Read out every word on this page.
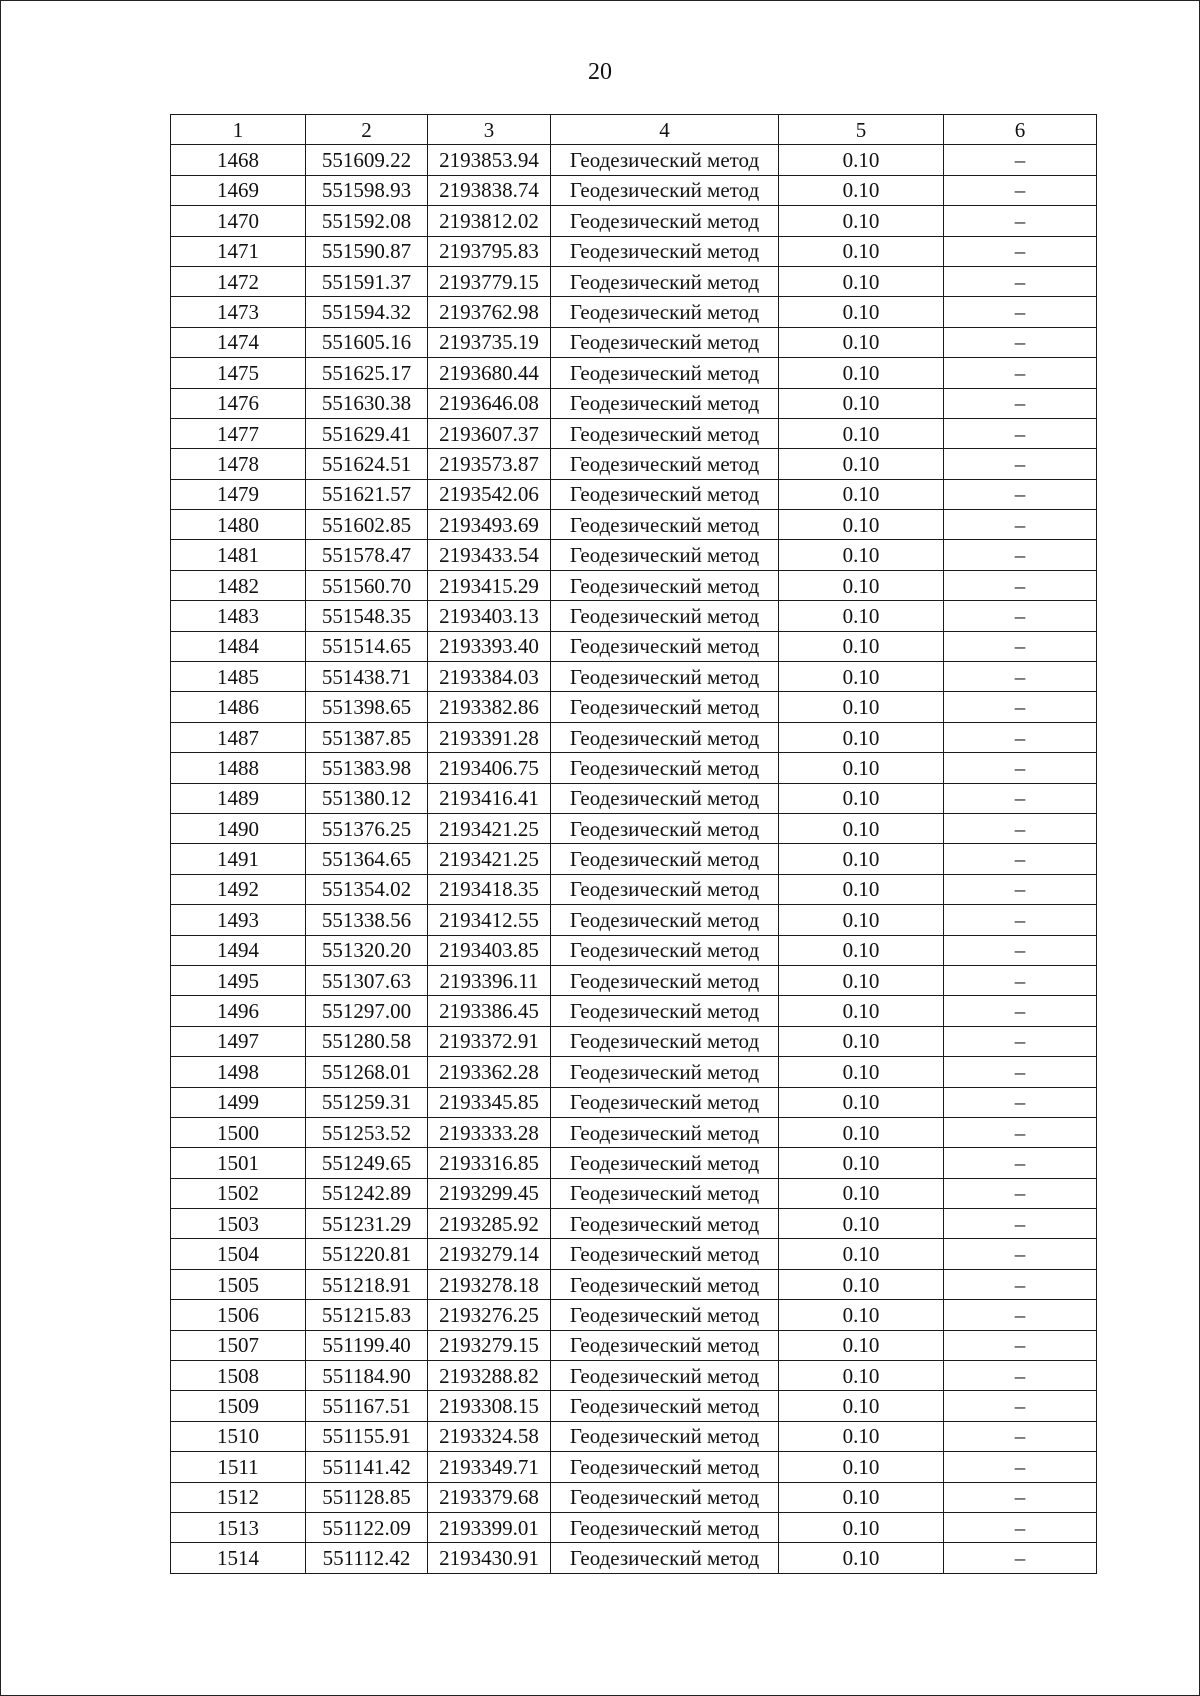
20
1	2	3	4	5	6
1468	551609.22	2193853.94	Геодезический метод	0.10	–
1469	551598.93	2193838.74	Геодезический метод	0.10	–
1470	551592.08	2193812.02	Геодезический метод	0.10	–
1471	551590.87	2193795.83	Геодезический метод	0.10	–
1472	551591.37	2193779.15	Геодезический метод	0.10	–
1473	551594.32	2193762.98	Геодезический метод	0.10	–
1474	551605.16	2193735.19	Геодезический метод	0.10	–
1475	551625.17	2193680.44	Геодезический метод	0.10	–
1476	551630.38	2193646.08	Геодезический метод	0.10	–
1477	551629.41	2193607.37	Геодезический метод	0.10	–
1478	551624.51	2193573.87	Геодезический метод	0.10	–
1479	551621.57	2193542.06	Геодезический метод	0.10	–
1480	551602.85	2193493.69	Геодезический метод	0.10	–
1481	551578.47	2193433.54	Геодезический метод	0.10	–
1482	551560.70	2193415.29	Геодезический метод	0.10	–
1483	551548.35	2193403.13	Геодезический метод	0.10	–
1484	551514.65	2193393.40	Геодезический метод	0.10	–
1485	551438.71	2193384.03	Геодезический метод	0.10	–
1486	551398.65	2193382.86	Геодезический метод	0.10	–
1487	551387.85	2193391.28	Геодезический метод	0.10	–
1488	551383.98	2193406.75	Геодезический метод	0.10	–
1489	551380.12	2193416.41	Геодезический метод	0.10	–
1490	551376.25	2193421.25	Геодезический метод	0.10	–
1491	551364.65	2193421.25	Геодезический метод	0.10	–
1492	551354.02	2193418.35	Геодезический метод	0.10	–
1493	551338.56	2193412.55	Геодезический метод	0.10	–
1494	551320.20	2193403.85	Геодезический метод	0.10	–
1495	551307.63	2193396.11	Геодезический метод	0.10	–
1496	551297.00	2193386.45	Геодезический метод	0.10	–
1497	551280.58	2193372.91	Геодезический метод	0.10	–
1498	551268.01	2193362.28	Геодезический метод	0.10	–
1499	551259.31	2193345.85	Геодезический метод	0.10	–
1500	551253.52	2193333.28	Геодезический метод	0.10	–
1501	551249.65	2193316.85	Геодезический метод	0.10	–
1502	551242.89	2193299.45	Геодезический метод	0.10	–
1503	551231.29	2193285.92	Геодезический метод	0.10	–
1504	551220.81	2193279.14	Геодезический метод	0.10	–
1505	551218.91	2193278.18	Геодезический метод	0.10	–
1506	551215.83	2193276.25	Геодезический метод	0.10	–
1507	551199.40	2193279.15	Геодезический метод	0.10	–
1508	551184.90	2193288.82	Геодезический метод	0.10	–
1509	551167.51	2193308.15	Геодезический метод	0.10	–
1510	551155.91	2193324.58	Геодезический метод	0.10	–
1511	551141.42	2193349.71	Геодезический метод	0.10	–
1512	551128.85	2193379.68	Геодезический метод	0.10	–
1513	551122.09	2193399.01	Геодезический метод	0.10	–
1514	551112.42	2193430.91	Геодезический метод	0.10	–
